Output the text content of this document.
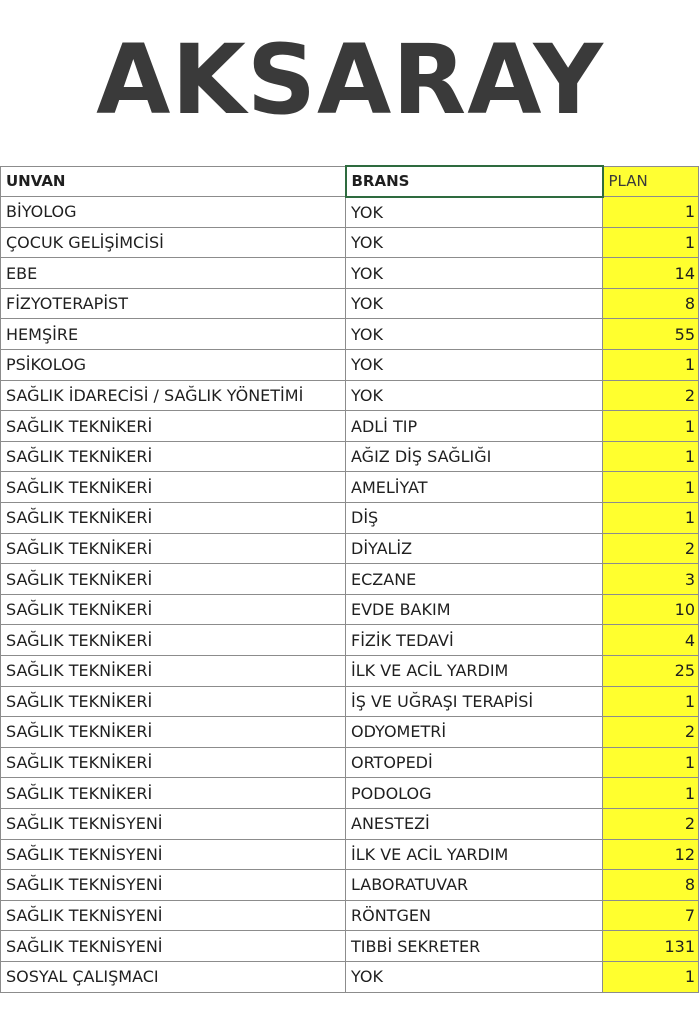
AKSARAY
UNVAN	BRANS	PLAN
BİYOLOG	YOK	1
ÇOCUK GELİŞİMCİSİ	YOK	1
EBE	YOK	14
FİZYOTERAPİST	YOK	8
HEMŞİRE	YOK	55
PSİKOLOG	YOK	1
SAĞLIK İDARECİSİ / SAĞLIK YÖNETİMİ	YOK	2
SAĞLIK TEKNİKERİ	ADLİ TIP	1
SAĞLIK TEKNİKERİ	AĞIZ DİŞ SAĞLIĞI	1
SAĞLIK TEKNİKERİ	AMELİYAT	1
SAĞLIK TEKNİKERİ	DİŞ	1
SAĞLIK TEKNİKERİ	DİYALİZ	2
SAĞLIK TEKNİKERİ	ECZANE	3
SAĞLIK TEKNİKERİ	EVDE BAKIM	10
SAĞLIK TEKNİKERİ	FİZİK TEDAVİ	4
SAĞLIK TEKNİKERİ	İLK VE ACİL YARDIM	25
SAĞLIK TEKNİKERİ	İŞ VE UĞRAŞI TERAPİSİ	1
SAĞLIK TEKNİKERİ	ODYOMETRİ	2
SAĞLIK TEKNİKERİ	ORTOPEDİ	1
SAĞLIK TEKNİKERİ	PODOLOG	1
SAĞLIK TEKNİSYENİ	ANESTEZİ	2
SAĞLIK TEKNİSYENİ	İLK VE ACİL YARDIM	12
SAĞLIK TEKNİSYENİ	LABORATUVAR	8
SAĞLIK TEKNİSYENİ	RÖNTGEN	7
SAĞLIK TEKNİSYENİ	TIBBİ SEKRETER	131
SOSYAL ÇALIŞMACI	YOK	1
